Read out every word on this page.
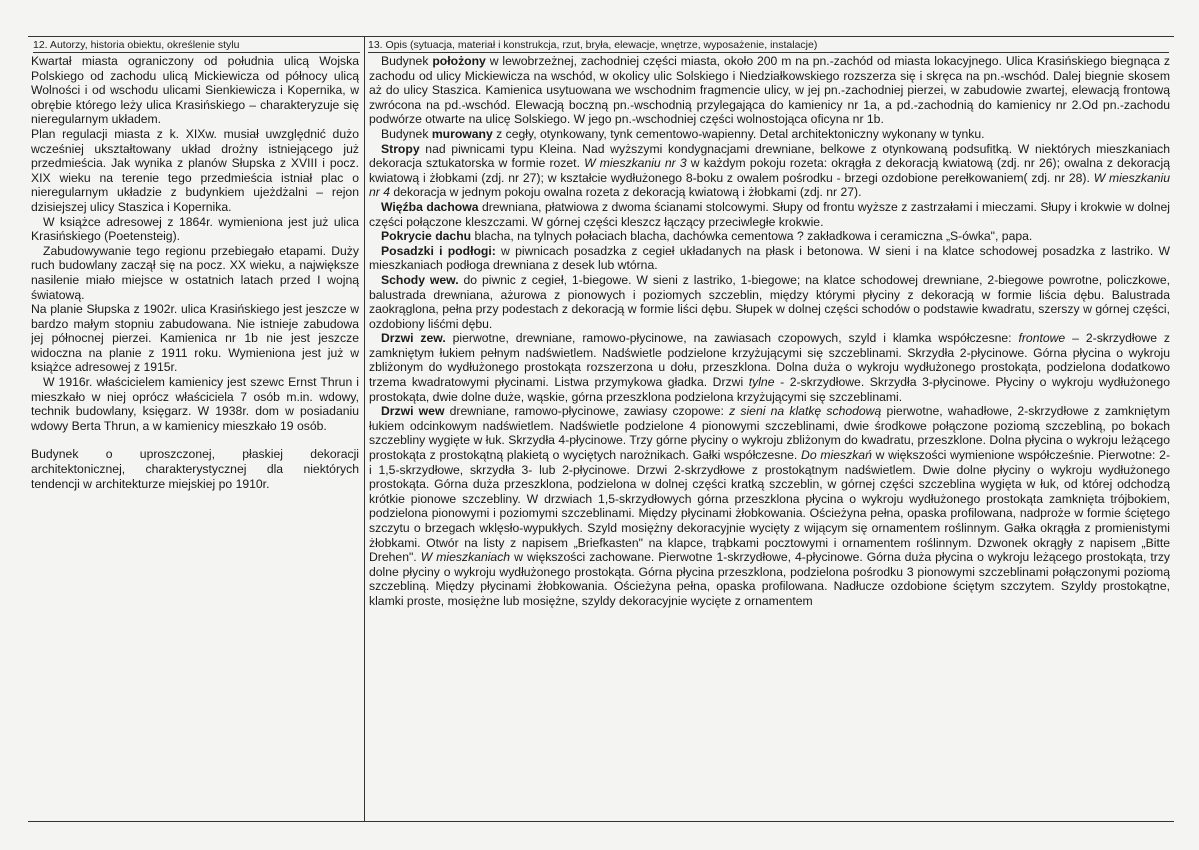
12. Autorzy, historia obiektu, określenie stylu	13. Opis (sytuacja, materiał i konstrukcja, rzut, bryła, elewacje, wnętrze, wyposażenie, instalacje)

Kwartał miasta ograniczony od południa ulicą Wojska Polskiego od zachodu ulicą Mickiewicza od północy ulicą Wolności i od wschodu ulicami Sienkiewicza i Kopernika, w obrębie którego leży ulica Krasińskiego – charakteryzuje się nieregularnym układem.

Plan regulacji miasta z k. XIXw. musiał uwzględnić dużo wcześniej ukształtowany układ drożny istniejącego już przedmieścia. Jak wynika z planów Słupska z XVIII i pocz. XIX wieku na terenie tego przedmieścia istniał plac o nieregularnym układzie z budynkiem ujeżdżalni – rejon dzisiejszej ulicy Staszica i Kopernika.

W książce adresowej z 1864r. wymieniona jest już ulica Krasińskiego (Poetensteig).

Zabudowywanie tego regionu przebiegało etapami. Duży ruch budowlany zaczął się na pocz. XX wieku, a największe nasilenie miało miejsce w ostatnich latach przed I wojną światową.

Na planie Słupska z 1902r. ulica Krasińskiego jest jeszcze w bardzo małym stopniu zabudowana. Nie istnieje zabudowa jej północnej pierzei. Kamienica nr 1b nie jest jeszcze widoczna na planie z 1911 roku. Wymieniona jest już w książce adresowej z 1915r.

W 1916r. właścicielem kamienicy jest szewc Ernst Thrun i mieszkało w niej oprócz właściciela 7 osób m.in. wdowy, technik budowlany, księgarz. W 1938r. dom w posiadaniu wdowy Berta Thrun, a w kamienicy mieszkało 19 osób.

Budynek o uproszczonej, płaskiej dekoracji architektonicznej, charakterystycznej dla niektórych tendencji w architekturze miejskiej po 1910r.

Budynek położony w lewobrzeżnej, zachodniej części miasta, około 200 m na pn.-zachód od miasta lokacyjnego. Ulica Krasińskiego biegnąca z zachodu od ulicy Mickiewicza na wschód, w okolicy ulic Solskiego i Niedziałkowskiego rozszerza się i skręca na pn.-wschód. Dalej biegnie skosem aż do ulicy Staszica. Kamienica usytuowana we wschodnim fragmencie ulicy, w jej pn.-zachodniej pierzei, w zabudowie zwartej, elewacją frontową zwrócona na pd.-wschód. Elewacją boczną pn.-wschodnią przylegająca do kamienicy nr 1a, a pd.-zachodnią do kamienicy nr 2.Od pn.-zachodu podwórze otwarte na ulicę Solskiego. W jego pn.-wschodniej części wolnostojąca oficyna nr 1b.

Budynek murowany z cegły, otynkowany, tynk cementowo-wapienny. Detal architektoniczny wykonany w tynku.

Stropy nad piwnicami typu Kleina. Nad wyższymi kondygnacjami drewniane, belkowe z otynkowaną podsufitką. W niektórych mieszkaniach dekoracja sztukatorska w formie rozet. W mieszkaniu nr 3 w każdym pokoju rozeta: okrągła z dekoracją kwiatową (zdj. nr 26); owalna z dekoracją kwiatową i żłobkami (zdj. nr 27); w kształcie wydłużonego 8-boku z owalem pośrodku - brzegi ozdobione perełkowaniem( zdj. nr 28). W mieszkaniu nr 4 dekoracja w jednym pokoju owalna rozeta z dekoracją kwiatową i żłobkami (zdj. nr 27).

Więźba dachowa drewniana, płatwiowa z dwoma ścianami stolcowymi. Słupy od frontu wyższe z zastrzałami i mieczami. Słupy i krokwie w dolnej części połączone kleszczami. W górnej części kleszcz łączący przeciwległe krokwie.

Pokrycie dachu blacha, na tylnych połaciach blacha, dachówka cementowa ? zakładkowa i ceramiczna „S-ówka", papa.

Posadzki i podłogi: w piwnicach posadzka z cegieł układanych na płask i betonowa. W sieni i na klatce schodowej posadzka z lastriko. W mieszkaniach podłoga drewniana z desek lub wtórna.

Schody wew. do piwnic z cegieł, 1-biegowe. W sieni z lastriko, 1-biegowe; na klatce schodowej drewniane, 2-biegowe powrotne, policzkowe, balustrada drewniana, ażurowa z pionowych i poziomych szczeblin, między którymi płyciny z dekoracją w formie liścia dębu. Balustrada zaokrąglona, pełna przy podestach z dekoracją w formie liści dębu. Słupek w dolnej części schodów o podstawie kwadratu, szerszy w górnej części, ozdobiony liśćmi dębu.

Drzwi zew. pierwotne, drewniane, ramowo-płycinowe, na zawiasach czopowych, szyld i klamka współczesne: frontowe – 2-skrzydłowe z zamkniętym łukiem pełnym nadświetlem. Nadświetle podzielone krzyżującymi się szczeblinami. Skrzydła 2-płycinowe. Górna płycina o wykroju zbliżonym do wydłużonego prostokąta rozszerzona u dołu, przeszklona. Dolna duża o wykroju wydłużonego prostokąta, podzielona dodatkowo trzema kwadratowymi płycinami. Listwa przymykowa gładka. Drzwi tylne - 2-skrzydłowe. Skrzydła 3-płycinowe. Płyciny o wykroju wydłużonego prostokąta, dwie dolne duże, wąskie, górna przeszklona podzielona krzyżującymi się szczeblinami.

Drzwi wew drewniane, ramowo-płycinowe, zawiasy czopowe: z sieni na klatkę schodową pierwotne, wahadłowe, 2-skrzydłowe z zamkniętym łukiem odcinkowym nadświetlem. Nadświetle podzielone 4 pionowymi szczeblinami, dwie środkowe połączone poziomą szczebliną, po bokach szczebliny wygięte w łuk. Skrzydła 4-płycinowe. Trzy górne płyciny o wykroju zbliżonym do kwadratu, przeszklone. Dolna płycina o wykroju leżącego prostokąta z prostokątną plakietą o wyciętych narożnikach. Gałki współczesne. Do mieszkań w większości wymienione współcześnie. Pierwotne: 2- i 1,5-skrzydłowe, skrzydła 3- lub 2-płycinowe. Drzwi 2-skrzydłowe z prostokątnym nadświetlem. Dwie dolne płyciny o wykroju wydłużonego prostokąta. Górna duża przeszklona, podzielona w dolnej części kratką szczeblin, w górnej części szczeblina wygięta w łuk, od której odchodzą krótkie pionowe szczebliny. W drzwiach 1,5-skrzydłowych górna przeszklona płycina o wykroju wydłużonego prostokąta zamknięta trójbokiem, podzielona pionowymi i poziomymi szczeblinami. Między płycinami żłobkowania. Ościeżyna pełna, opaska profilowana, nadproże w formie ściętego szczytu o brzegach wklęsło-wypukłych. Szyld mosiężny dekoracyjnie wycięty z wijącym się ornamentem roślinnym. Gałka okrągła z promienistymi żłobkami. Otwór na listy z napisem „Briefkasten" na klapce, trąbkami pocztowymi i ornamentem roślinnym. Dzwonek okrągły z napisem „Bitte Drehen". W mieszkaniach w większości zachowane. Pierwotne 1-skrzydłowe, 4-płycinowe. Górna duża płycina o wykroju leżącego prostokąta, trzy dolne płyciny o wykroju wydłużonego prostokąta. Górna płycina przeszklona, podzielona pośrodku 3 pionowymi szczeblinami połączonymi poziomą szczebliną. Między płycinami żłobkowania. Ościeżyna pełna, opaska profilowana. Nadłucze ozdobione ściętym szczytem. Szyldy prostokątne, klamki proste, mosiężne lub mosiężne, szyldy dekoracyjnie wycięte z ornamentem
